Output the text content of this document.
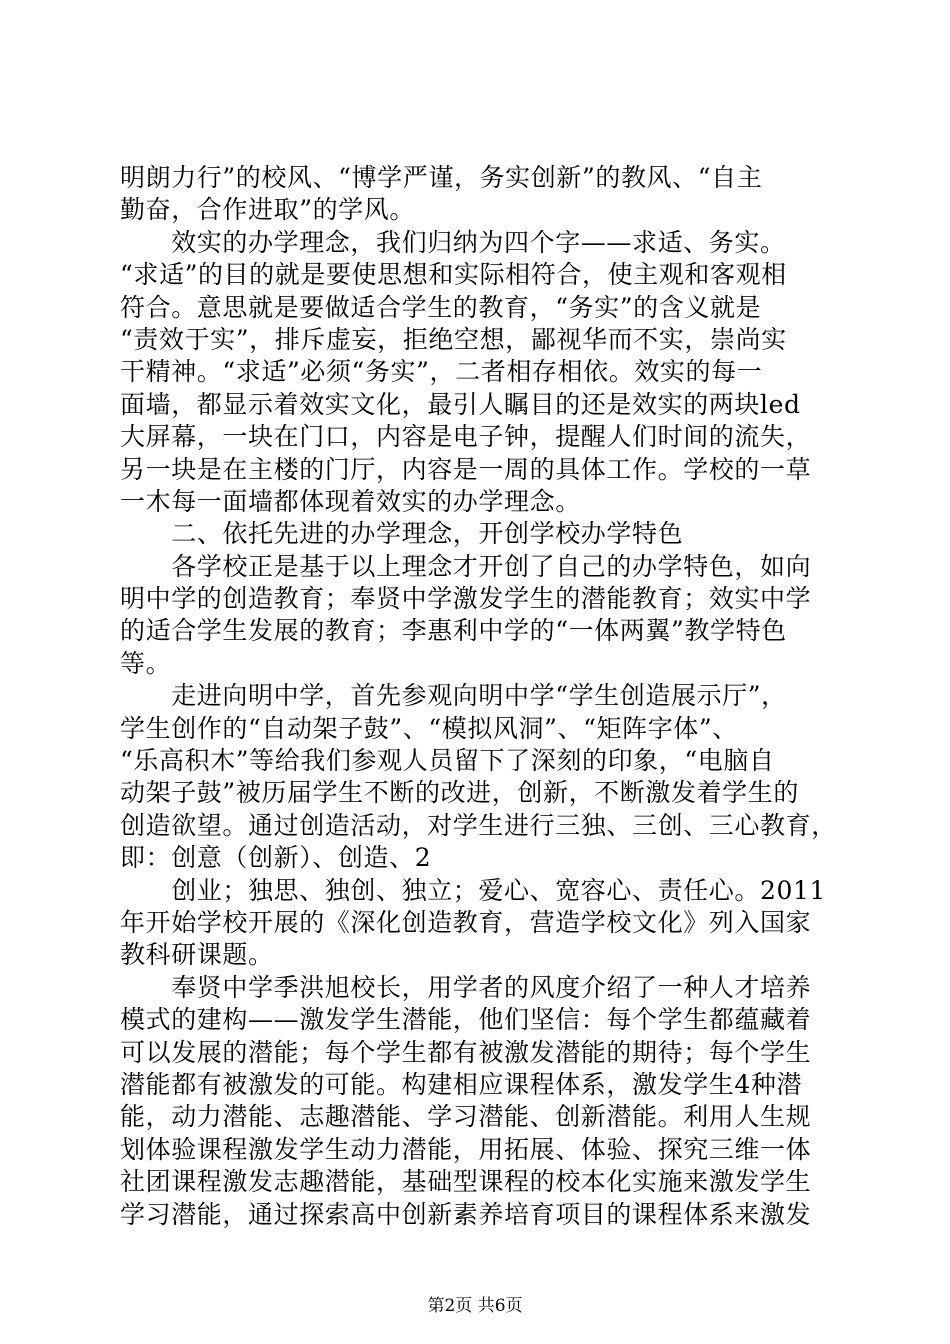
明朗力行”的校风、“博学严谨，务实创新”的教风、“自主
勤奋，合作进取”的学风。
　　效实的办学理念，我们归纳为四个字——求适、务实。
“求适”的目的就是要使思想和实际相符合，使主观和客观相
符合。意思就是要做适合学生的教育，“务实”的含义就是
“责效于实”，排斥虚妄，拒绝空想，鄙视华而不实，崇尚实
干精神。“求适”必须“务实”，二者相存相依。效实的每一
面墙，都显示着效实文化，最引人瞩目的还是效实的两块led
大屏幕，一块在门口，内容是电子钟，提醒人们时间的流失，
另一块是在主楼的门厅，内容是一周的具体工作。学校的一草
一木每一面墙都体现着效实的办学理念。
　　二、依托先进的办学理念，开创学校办学特色
　　各学校正是基于以上理念才开创了自己的办学特色，如向
明中学的创造教育；奉贤中学激发学生的潜能教育；效实中学
的适合学生发展的教育；李惠利中学的“一体两翼”教学特色
等。
　　走进向明中学，首先参观向明中学“学生创造展示厅”，
学生创作的“自动架子鼓”、“模拟风洞”、“矩阵字体”、
“乐高积木”等给我们参观人员留下了深刻的印象，“电脑自
动架子鼓”被历届学生不断的改进，创新，不断激发着学生的
创造欲望。通过创造活动，对学生进行三独、三创、三心教育，
即：创意（创新）、创造、2
　　创业；独思、独创、独立；爱心、宽容心、责任心。2011
年开始学校开展的《深化创造教育，营造学校文化》列入国家
教科研课题。
　　奉贤中学季洪旭校长，用学者的风度介绍了一种人才培养
模式的建构——激发学生潜能，他们坚信：每个学生都蕴藏着
可以发展的潜能；每个学生都有被激发潜能的期待；每个学生
潜能都有被激发的可能。构建相应课程体系，激发学生4种潜
能，动力潜能、志趣潜能、学习潜能、创新潜能。利用人生规
划体验课程激发学生动力潜能，用拓展、体验、探究三维一体
社团课程激发志趣潜能，基础型课程的校本化实施来激发学生
学习潜能，通过探索高中创新素养培育项目的课程体系来激发
第2页 共6页
